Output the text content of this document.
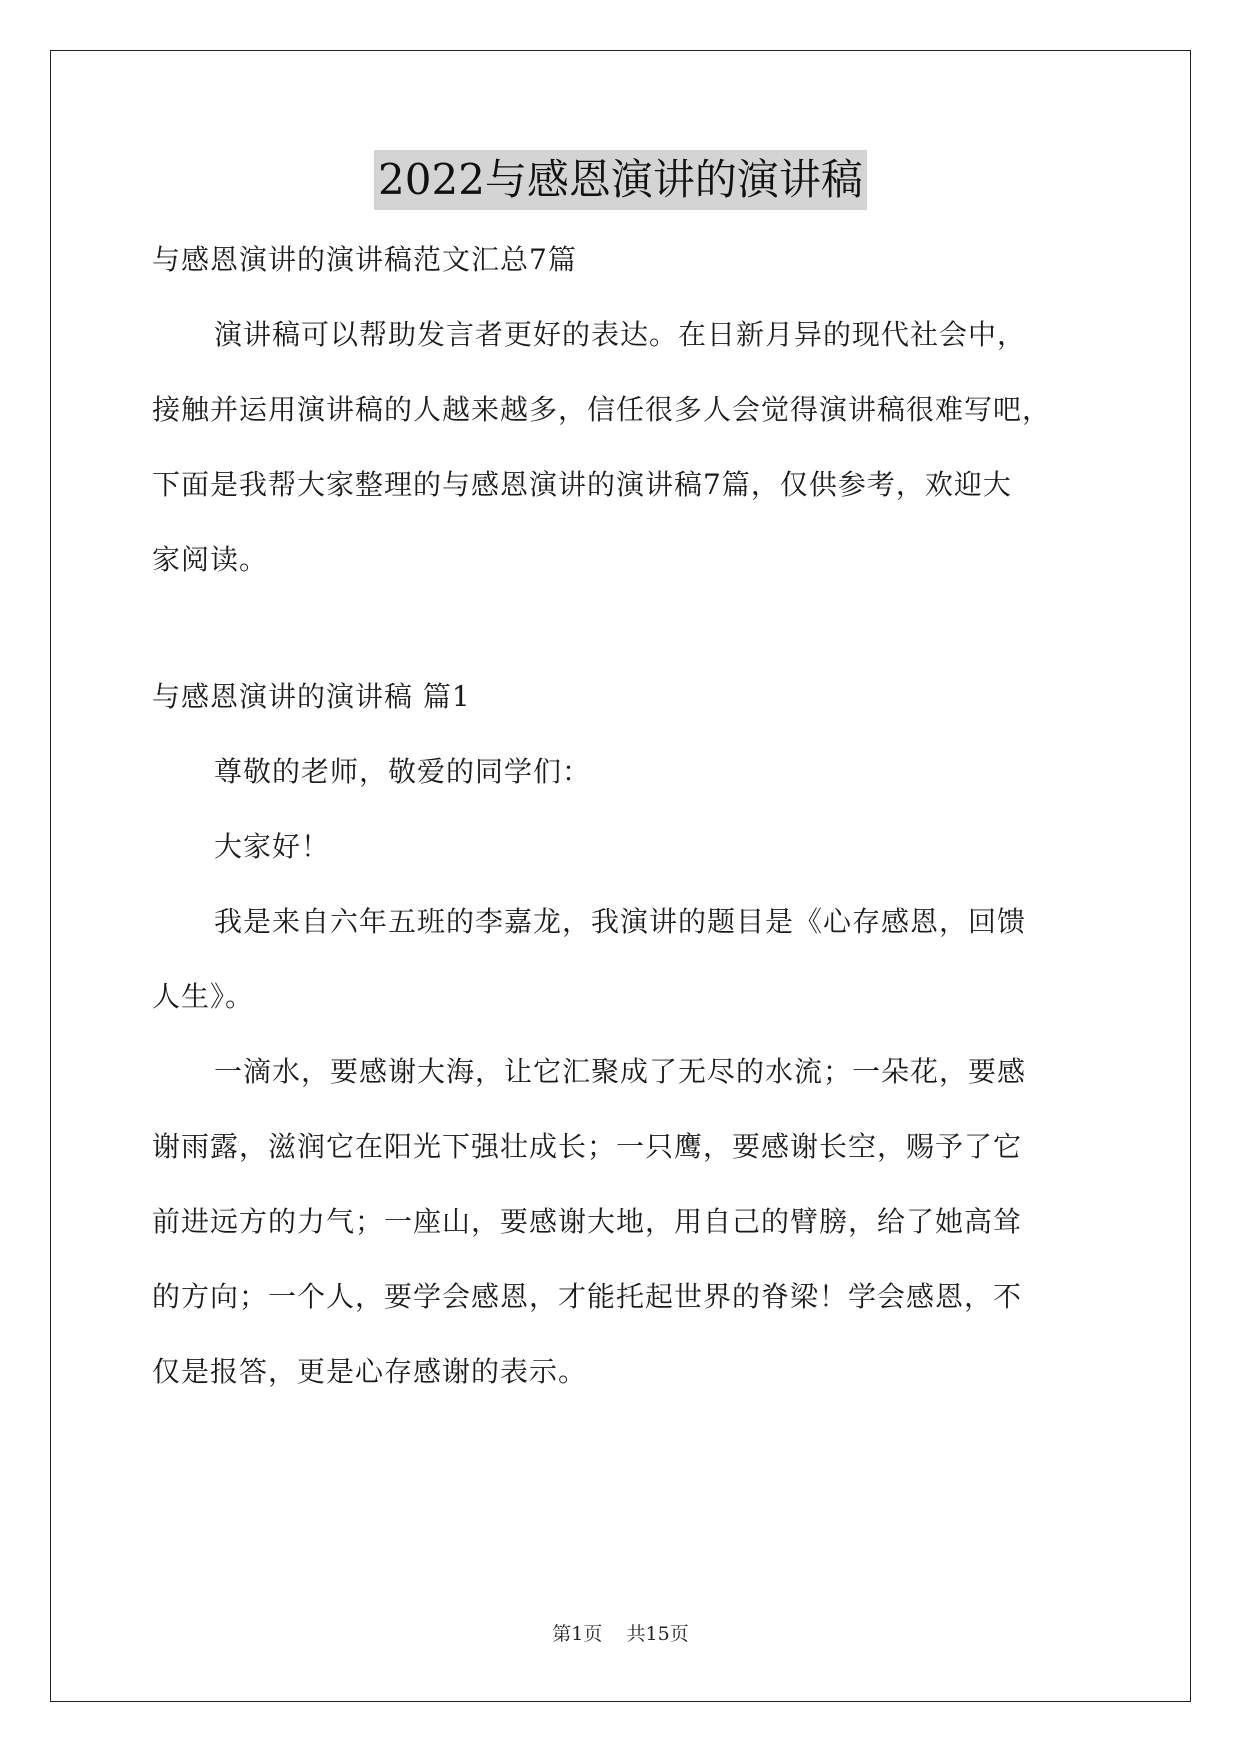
2022与感恩演讲的演讲稿
与感恩演讲的演讲稿范文汇总7篇
演讲稿可以帮助发言者更好的表达。在日新月异的现代社会中，
接触并运用演讲稿的人越来越多，信任很多人会觉得演讲稿很难写吧，
下面是我帮大家整理的与感恩演讲的演讲稿7篇，仅供参考，欢迎大
家阅读。
与感恩演讲的演讲稿 篇1
尊敬的老师，敬爱的同学们：
大家好！
我是来自六年五班的李嘉龙，我演讲的题目是《心存感恩，回馈
人生》。
一滴水，要感谢大海，让它汇聚成了无尽的水流；一朵花，要感
谢雨露，滋润它在阳光下强壮成长；一只鹰，要感谢长空，赐予了它
前进远方的力气；一座山，要感谢大地，用自己的臂膀，给了她高耸
的方向；一个人，要学会感恩，才能托起世界的脊梁！学会感恩，不
仅是报答，更是心存感谢的表示。
第1页 共15页
